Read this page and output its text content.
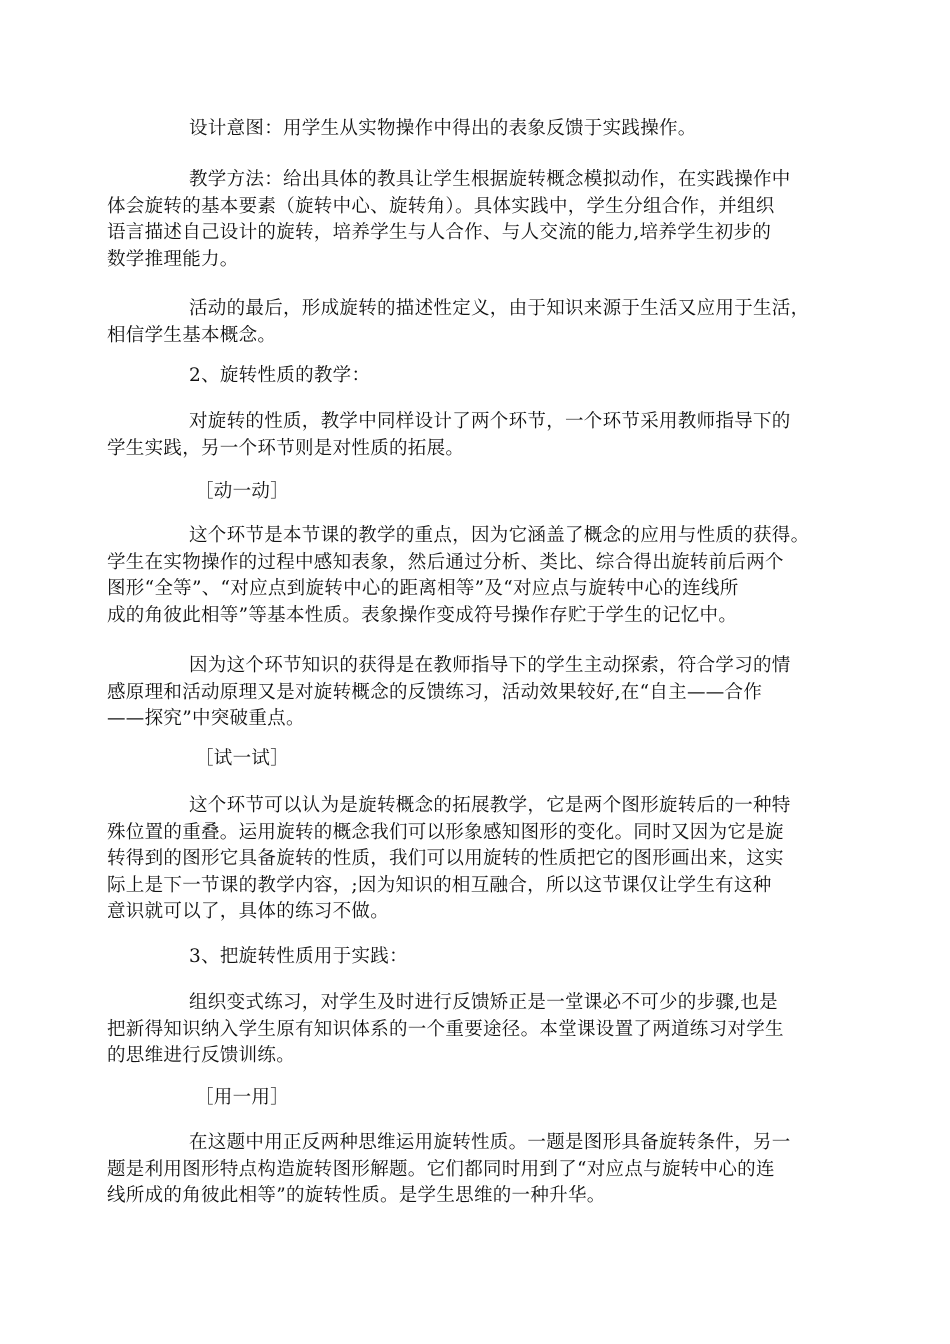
设计意图：用学生从实物操作中得出的表象反馈于实践操作。
教学方法：给出具体的教具让学生根据旋转概念模拟动作，在实践操作中
体会旋转的基本要素（旋转中心、旋转角）。具体实践中，学生分组合作，并组织
语言描述自己设计的旋转，培养学生与人合作、与人交流的能力,培养学生初步的
数学推理能力。
活动的最后，形成旋转的描述性定义，由于知识来源于生活又应用于生活，
相信学生基本概念。
2、旋转性质的教学：
对旋转的性质，教学中同样设计了两个环节，一个环节采用教师指导下的
学生实践，另一个环节则是对性质的拓展。
［动一动］
这个环节是本节课的教学的重点，因为它涵盖了概念的应用与性质的获得。
学生在实物操作的过程中感知表象，然后通过分析、类比、综合得出旋转前后两个
图形“全等”、“对应点到旋转中心的距离相等”及“对应点与旋转中心的连线所
成的角彼此相等”等基本性质。表象操作变成符号操作存贮于学生的记忆中。
因为这个环节知识的获得是在教师指导下的学生主动探索，符合学习的情
感原理和活动原理又是对旋转概念的反馈练习，活动效果较好,在“自主——合作
——探究”中突破重点。
［试一试］
这个环节可以认为是旋转概念的拓展教学，它是两个图形旋转后的一种特
殊位置的重叠。运用旋转的概念我们可以形象感知图形的变化。同时又因为它是旋
转得到的图形它具备旋转的性质，我们可以用旋转的性质把它的图形画出来，这实
际上是下一节课的教学内容，;因为知识的相互融合，所以这节课仅让学生有这种
意识就可以了，具体的练习不做。
3、把旋转性质用于实践：
组织变式练习，对学生及时进行反馈矫正是一堂课必不可少的步骤,也是
把新得知识纳入学生原有知识体系的一个重要途径。本堂课设置了两道练习对学生
的思维进行反馈训练。
［用一用］
在这题中用正反两种思维运用旋转性质。一题是图形具备旋转条件，另一
题是利用图形特点构造旋转图形解题。它们都同时用到了“对应点与旋转中心的连
线所成的角彼此相等”的旋转性质。是学生思维的一种升华。
